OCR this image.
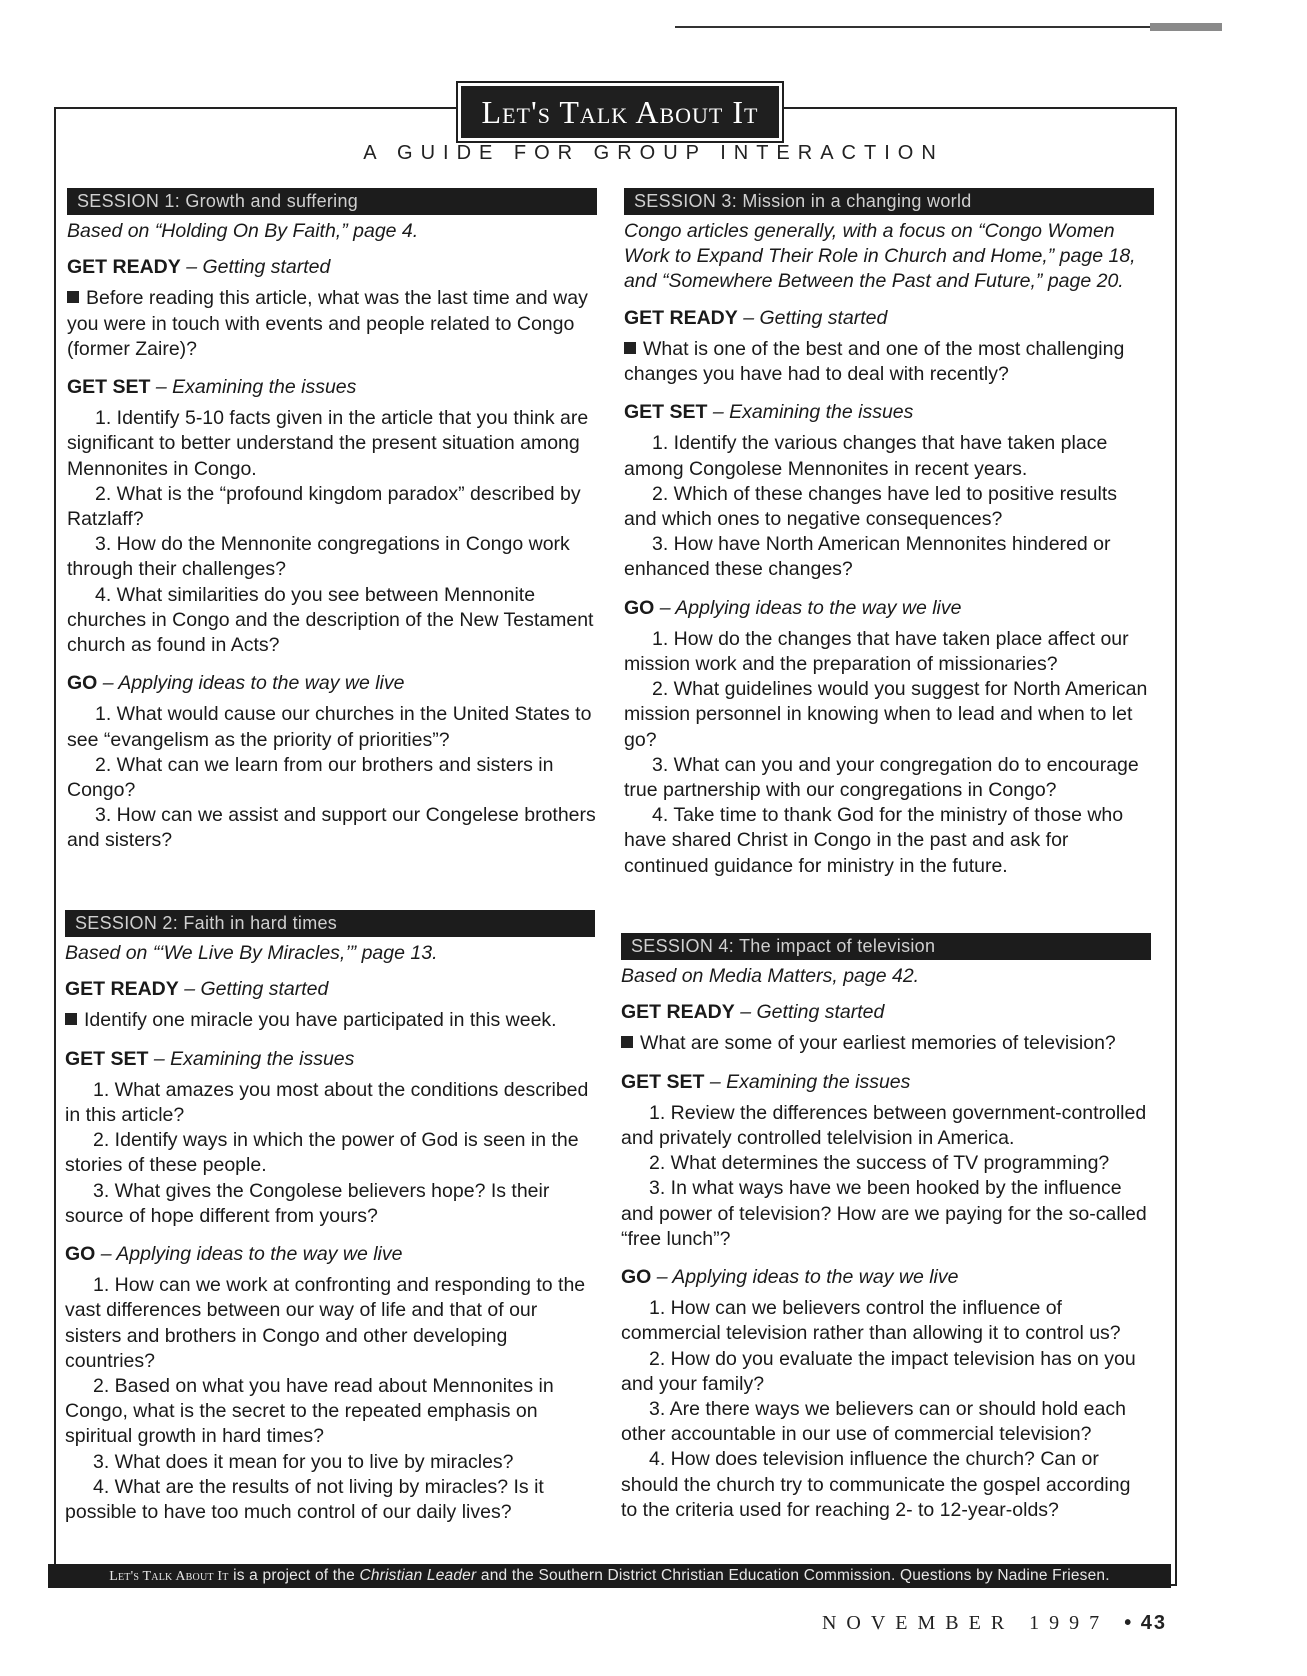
Let's Talk About It
A GUIDE FOR GROUP INTERACTION
SESSION 1: Growth and suffering

Based on “Holding On By Faith,” page 4.

GET READY – Getting started

Before reading this article, what was the last time and way you were in touch with events and people related to Congo (former Zaire)?

GET SET – Examining the issues

1. Identify 5-10 facts given in the article that you think are significant to better understand the present situation among Mennonites in Congo.

2. What is the “profound kingdom paradox” described by Ratzlaff?

3. How do the Mennonite congregations in Congo work through their challenges?

4. What similarities do you see between Mennonite churches in Congo and the description of the New Testament church as found in Acts?

GO – Applying ideas to the way we live

1. What would cause our churches in the United States to see “evangelism as the priority of priorities”?

2. What can we learn from our brothers and sisters in Congo?

3. How can we assist and support our Congelese brothers and sisters?

SESSION 2: Faith in hard times

Based on “‘We Live By Miracles,’” page 13.

GET READY – Getting started

Identify one miracle you have participated in this week.

GET SET – Examining the issues

1. What amazes you most about the conditions described in this article?

2. Identify ways in which the power of God is seen in the stories of these people.

3. What gives the Congolese believers hope? Is their source of hope different from yours?

GO – Applying ideas to the way we live

1. How can we work at confronting and responding to the vast differences between our way of life and that of our sisters and brothers in Congo and other developing countries?

2. Based on what you have read about Mennonites in Congo, what is the secret to the repeated emphasis on spiritual growth in hard times?

3. What does it mean for you to live by miracles?

4. What are the results of not living by miracles? Is it possible to have too much control of our daily lives?

SESSION 3: Mission in a changing world

Congo articles generally, with a focus on “Congo Women Work to Expand Their Role in Church and Home,” page 18, and “Somewhere Between the Past and Future,” page 20.

GET READY – Getting started

What is one of the best and one of the most challenging changes you have had to deal with recently?

GET SET – Examining the issues

1. Identify the various changes that have taken place among Congolese Mennonites in recent years.

2. Which of these changes have led to positive results and which ones to negative consequences?

3. How have North American Mennonites hindered or enhanced these changes?

GO – Applying ideas to the way we live

1. How do the changes that have taken place affect our mission work and the preparation of missionaries?

2. What guidelines would you suggest for North American mission personnel in knowing when to lead and when to let go?

3. What can you and your congregation do to encourage true partnership with our congregations in Congo?

4. Take time to thank God for the ministry of those who have shared Christ in Congo in the past and ask for continued guidance for ministry in the future.

SESSION 4: The impact of television

Based on Media Matters, page 42.

GET READY – Getting started

What are some of your earliest memories of television?

GET SET – Examining the issues

1. Review the differences between government-controlled and privately controlled telelvision in America.

2. What determines the success of TV programming?

3. In what ways have we been hooked by the influence and power of television? How are we paying for the so-called “free lunch”?

GO – Applying ideas to the way we live

1. How can we believers control the influence of commercial television rather than allowing it to control us?

2. How do you evaluate the impact television has on you and your family?

3. Are there ways we believers can or should hold each other accountable in our use of commercial television?

4. How does television influence the church? Can or should the church try to communicate the gospel according to the criteria used for reaching 2- to 12-year-olds?

Let's Talk About It is a project of the Christian Leader and the Southern District Christian Education Commission. Questions by Nadine Friesen.
NOVEMBER 1997 • 43
